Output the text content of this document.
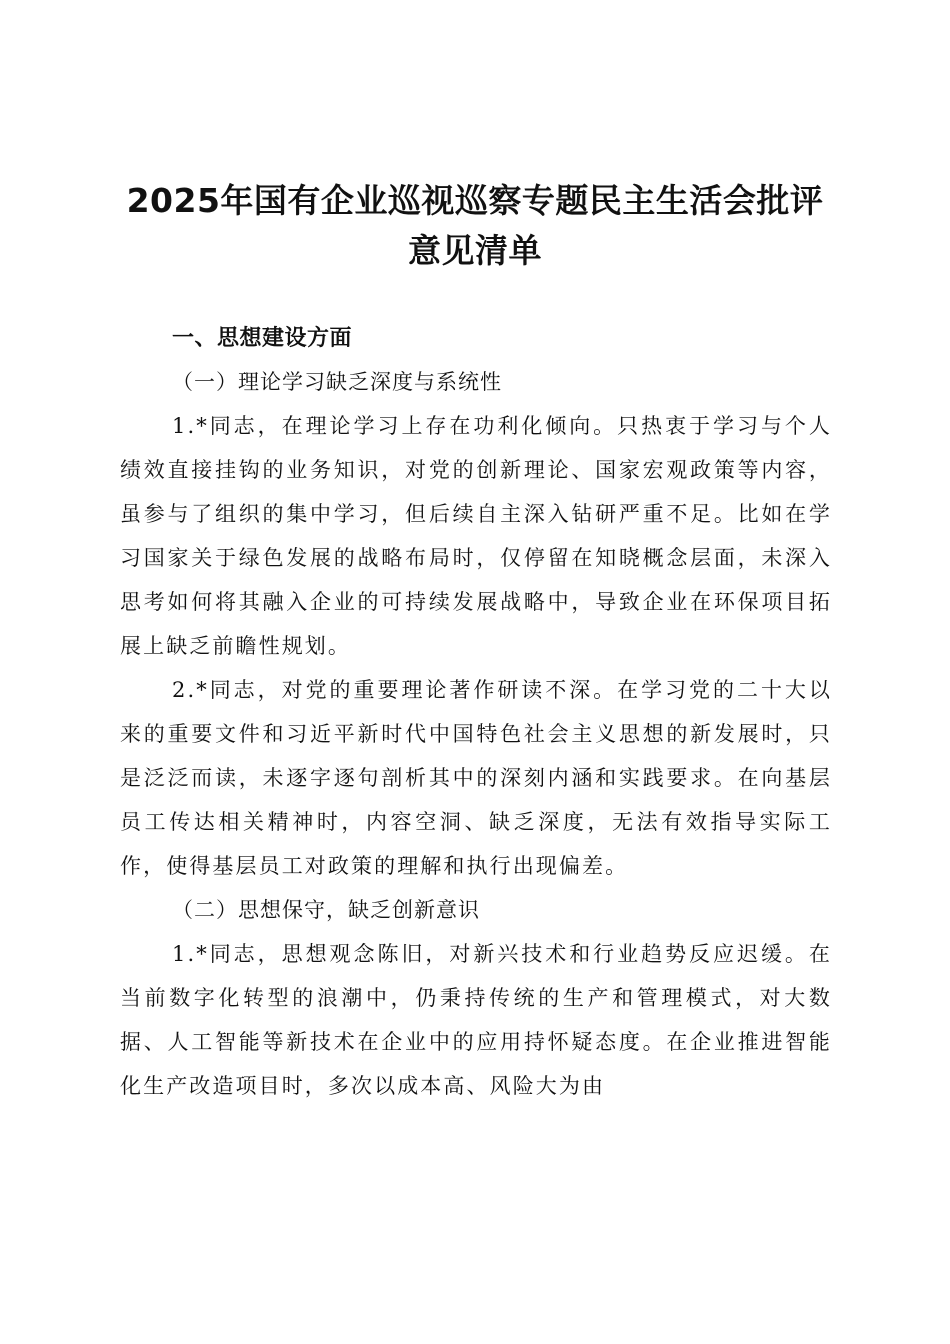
2025年国有企业巡视巡察专题民主生活会批评意见清单

一、思想建设方面

（一）理论学习缺乏深度与系统性

1.*同志，在理论学习上存在功利化倾向。只热衷于学习与个人绩效直接挂钩的业务知识，对党的创新理论、国家宏观政策等内容，虽参与了组织的集中学习，但后续自主深入钻研严重不足。比如在学习国家关于绿色发展的战略布局时，仅停留在知晓概念层面，未深入思考如何将其融入企业的可持续发展战略中，导致企业在环保项目拓展上缺乏前瞻性规划。

2.*同志，对党的重要理论著作研读不深。在学习党的二十大以来的重要文件和习近平新时代中国特色社会主义思想的新发展时，只是泛泛而读，未逐字逐句剖析其中的深刻内涵和实践要求。在向基层员工传达相关精神时，内容空洞、缺乏深度，无法有效指导实际工作，使得基层员工对政策的理解和执行出现偏差。

（二）思想保守，缺乏创新意识

1.*同志，思想观念陈旧，对新兴技术和行业趋势反应迟缓。在当前数字化转型的浪潮中，仍秉持传统的生产和管理模式，对大数据、人工智能等新技术在企业中的应用持怀疑态度。在企业推进智能化生产改造项目时，多次以成本高、风险大为由
